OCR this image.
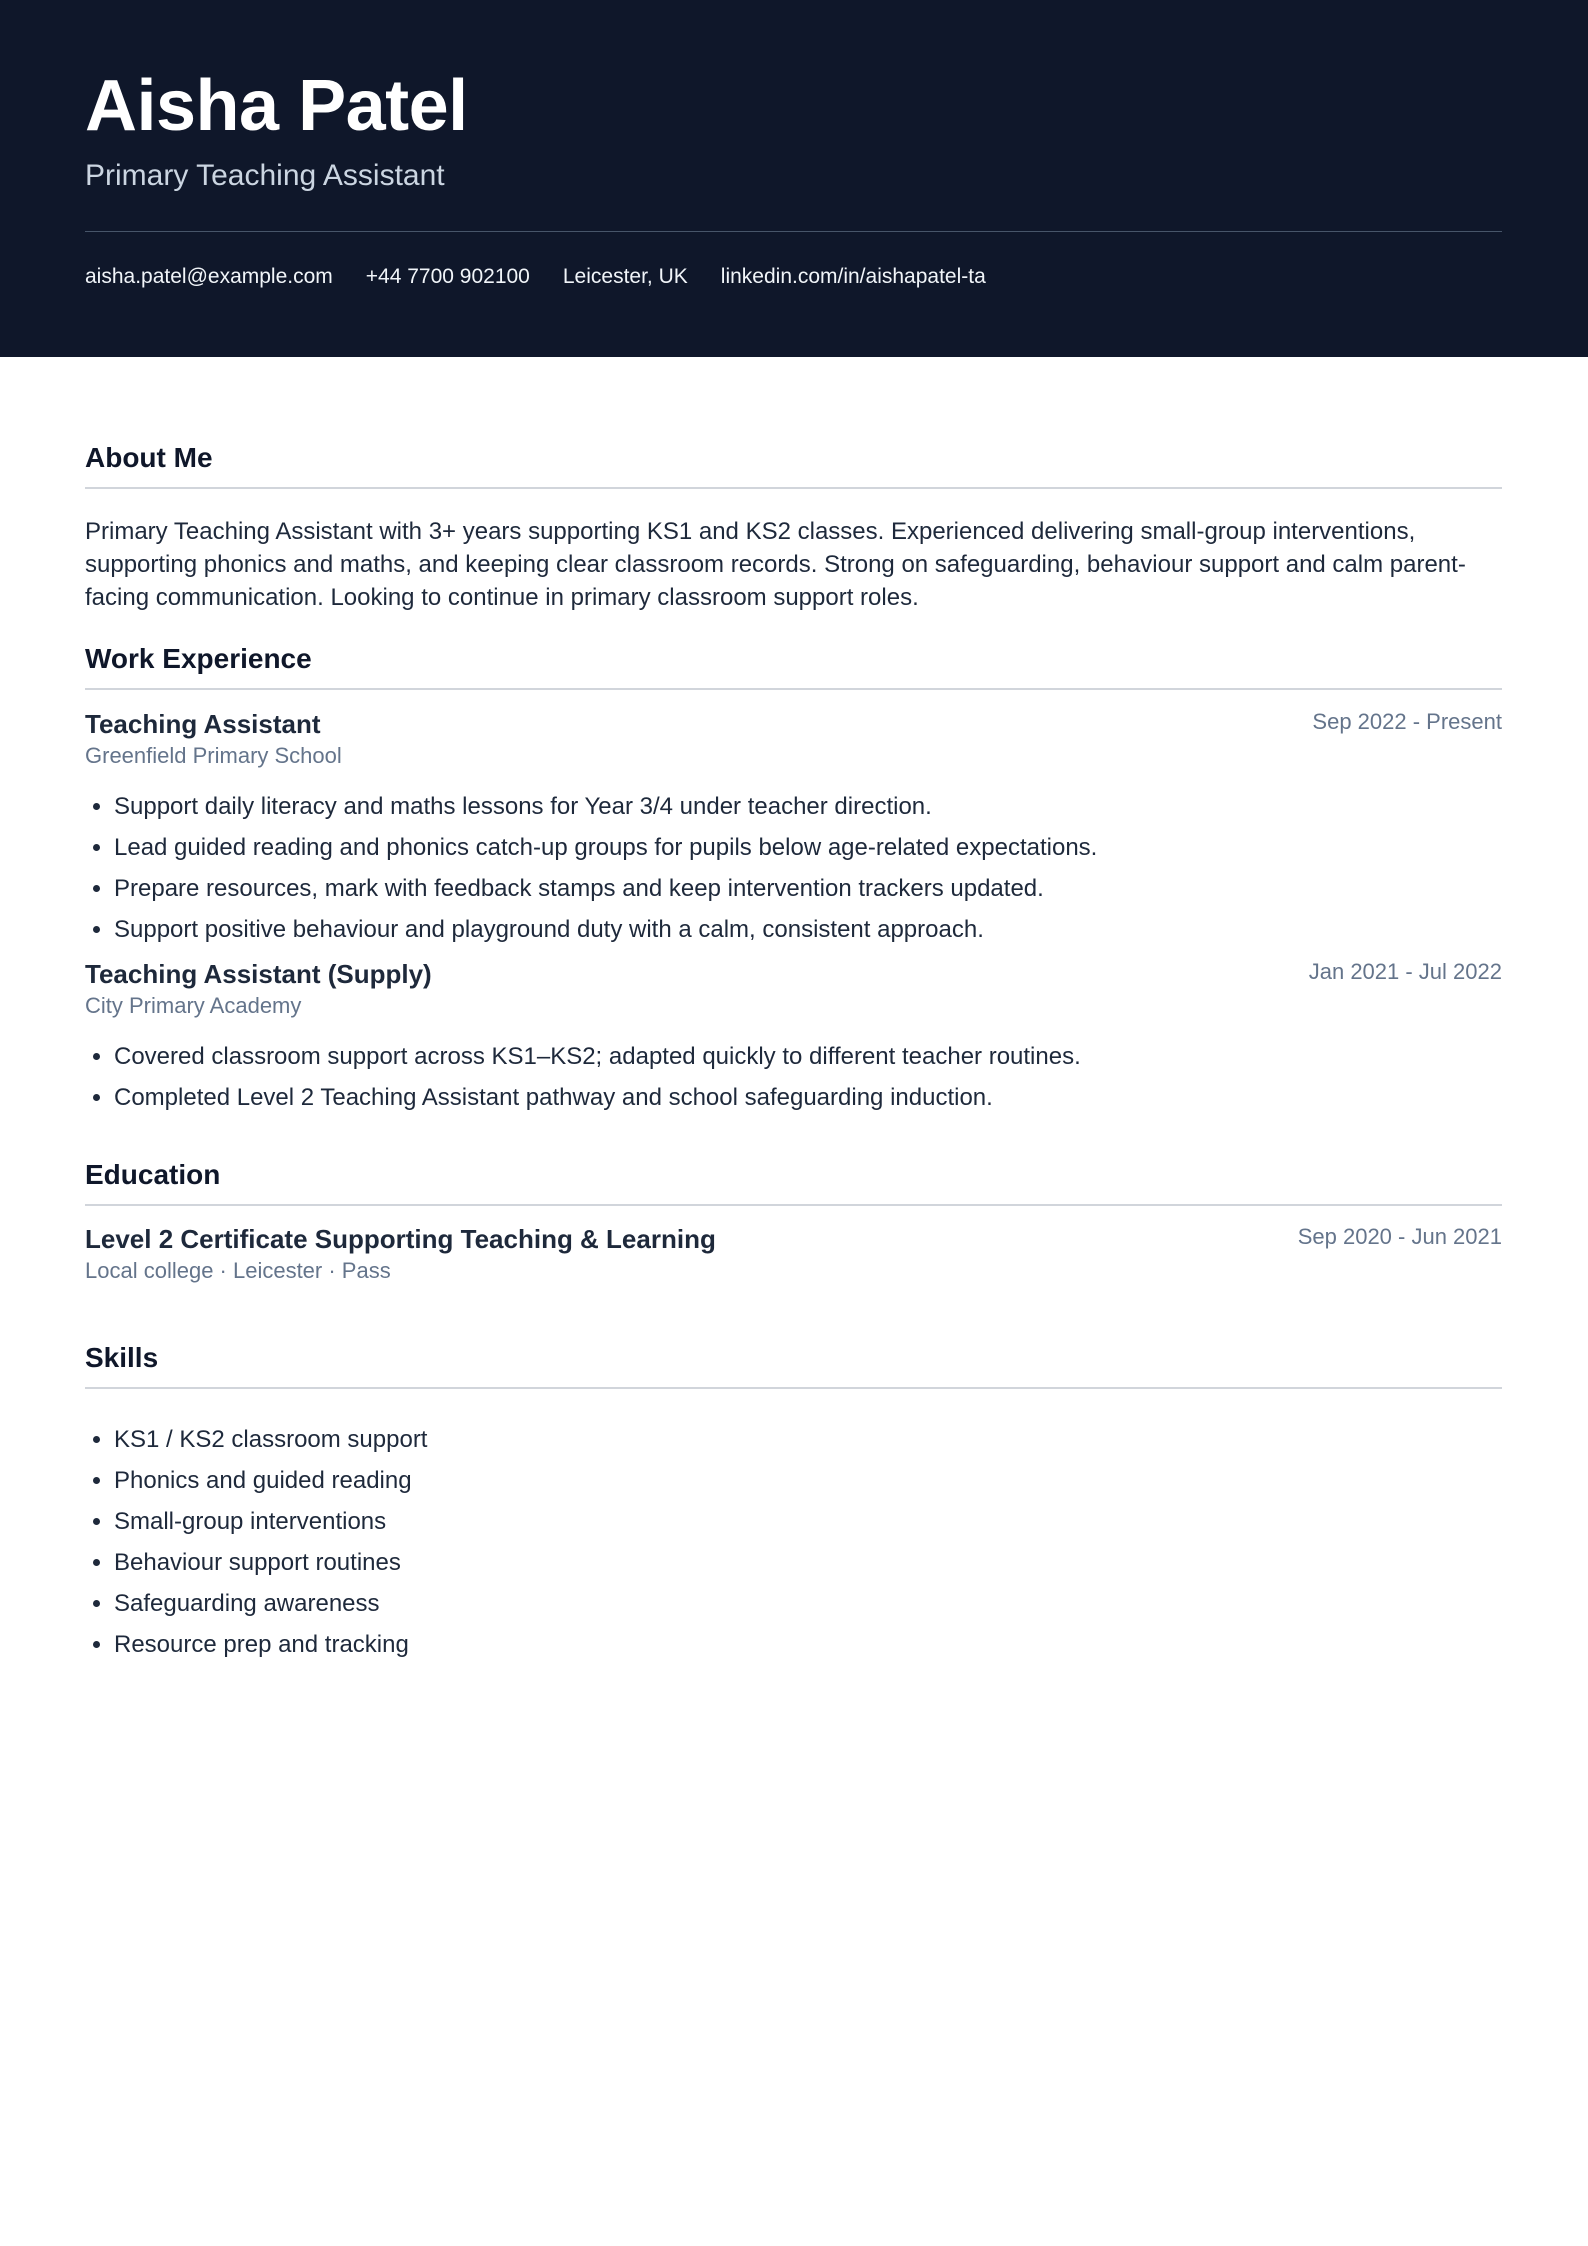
Aisha Patel
Primary Teaching Assistant
aisha.patel@example.com +44 7700 902100 Leicester, UK linkedin.com/in/aishapatel-ta
About Me

Primary Teaching Assistant with 3+ years supporting KS1 and KS2 classes. Experienced delivering small-group interventions, supporting phonics and maths, and keeping clear classroom records. Strong on safeguarding, behaviour support and calm parent-facing communication. Looking to continue in primary classroom support roles.

Work Experience
Teaching Assistant	Sep 2022 - Present
Greenfield Primary School
• Support daily literacy and maths lessons for Year 3/4 under teacher direction.
• Lead guided reading and phonics catch-up groups for pupils below age-related expectations.
• Prepare resources, mark with feedback stamps and keep intervention trackers updated.
• Support positive behaviour and playground duty with a calm, consistent approach.
Teaching Assistant (Supply)	Jan 2021 - Jul 2022
City Primary Academy
• Covered classroom support across KS1–KS2; adapted quickly to different teacher routines.
• Completed Level 2 Teaching Assistant pathway and school safeguarding induction.
Education
Level 2 Certificate Supporting Teaching & Learning	Sep 2020 - Jun 2021
Local college · Leicester · Pass
Skills
• KS1 / KS2 classroom support
• Phonics and guided reading
• Small-group interventions
• Behaviour support routines
• Safeguarding awareness
• Resource prep and tracking
